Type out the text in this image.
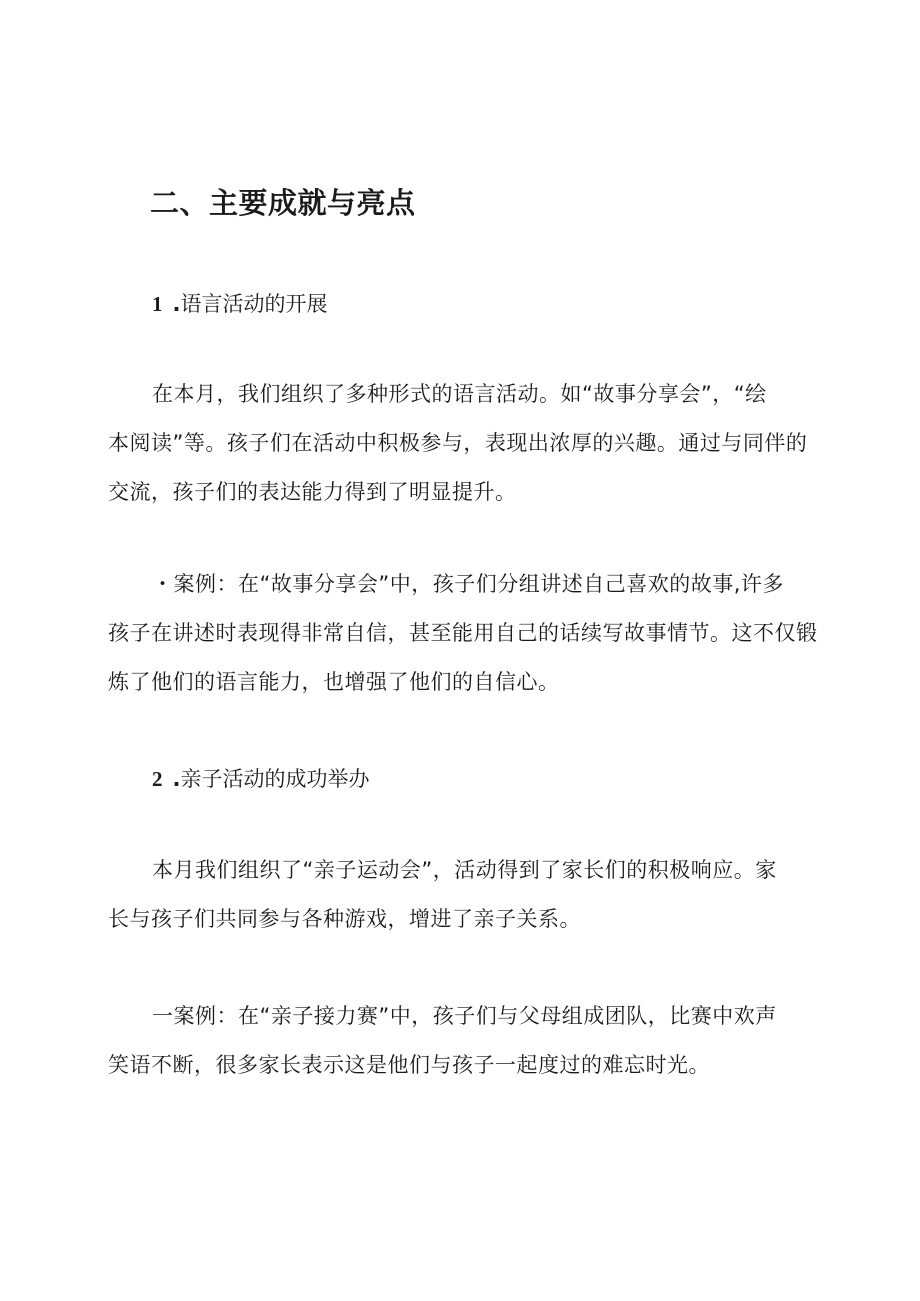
二、主要成就与亮点
1 .语言活动的开展

在本月，我们组织了多种形式的语言活动。如“故事分享会”，“绘

本阅读”等。孩子们在活动中积极参与，表现出浓厚的兴趣。通过与同伴的

交流，孩子们的表达能力得到了明显提升。

・案例：在“故事分享会”中，孩子们分组讲述自己喜欢的故事,许多

孩子在讲述时表现得非常自信，甚至能用自己的话续写故事情节。这不仅锻

炼了他们的语言能力，也增强了他们的自信心。

2 .亲子活动的成功举办

本月我们组织了“亲子运动会”，活动得到了家长们的积极响应。家

长与孩子们共同参与各种游戏，增进了亲子关系。

一案例：在“亲子接力赛”中，孩子们与父母组成团队，比赛中欢声

笑语不断，很多家长表示这是他们与孩子一起度过的难忘时光。
